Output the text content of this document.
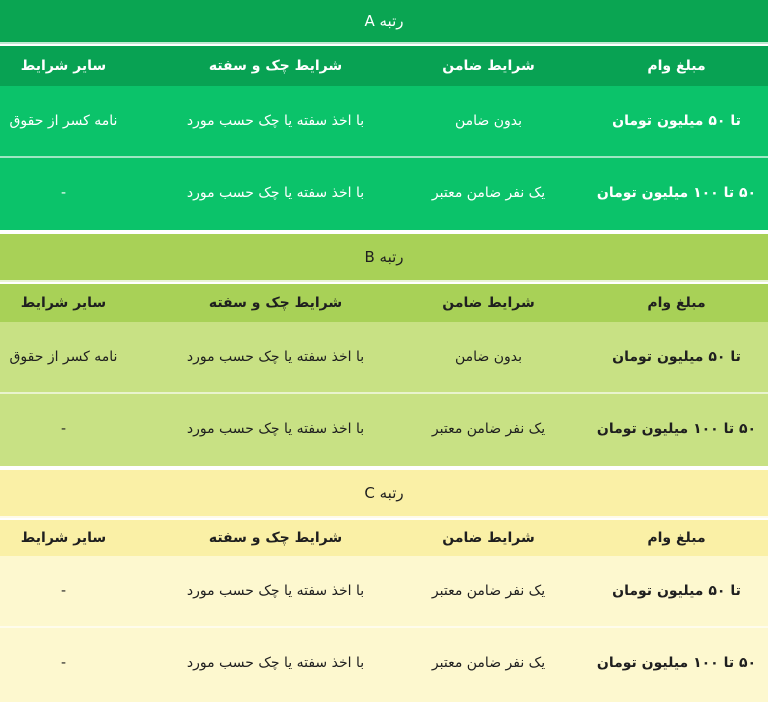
رتبه A
مبلغ وام	شرایط ضامن	شرایط چک و سفته	سایر شرایط
تا ۵۰ میلیون تومان	بدون ضامن	با اخذ سفته یا چک حسب مورد	نامه کسر از حقوق
۵۰ تا ۱۰۰ میلیون تومان	یک نفر ضامن معتبر	با اخذ سفته یا چک حسب مورد	-
رتبه B
مبلغ وام	شرایط ضامن	شرایط چک و سفته	سایر شرایط
تا ۵۰ میلیون تومان	بدون ضامن	با اخذ سفته یا چک حسب مورد	نامه کسر از حقوق
۵۰ تا ۱۰۰ میلیون تومان	یک نفر ضامن معتبر	با اخذ سفته یا چک حسب مورد	-
رتبه C
مبلغ وام	شرایط ضامن	شرایط چک و سفته	سایر شرایط
تا ۵۰ میلیون تومان	یک نفر ضامن معتبر	با اخذ سفته یا چک حسب مورد	-
۵۰ تا ۱۰۰ میلیون تومان	یک نفر ضامن معتبر	با اخذ سفته یا چک حسب مورد	-
